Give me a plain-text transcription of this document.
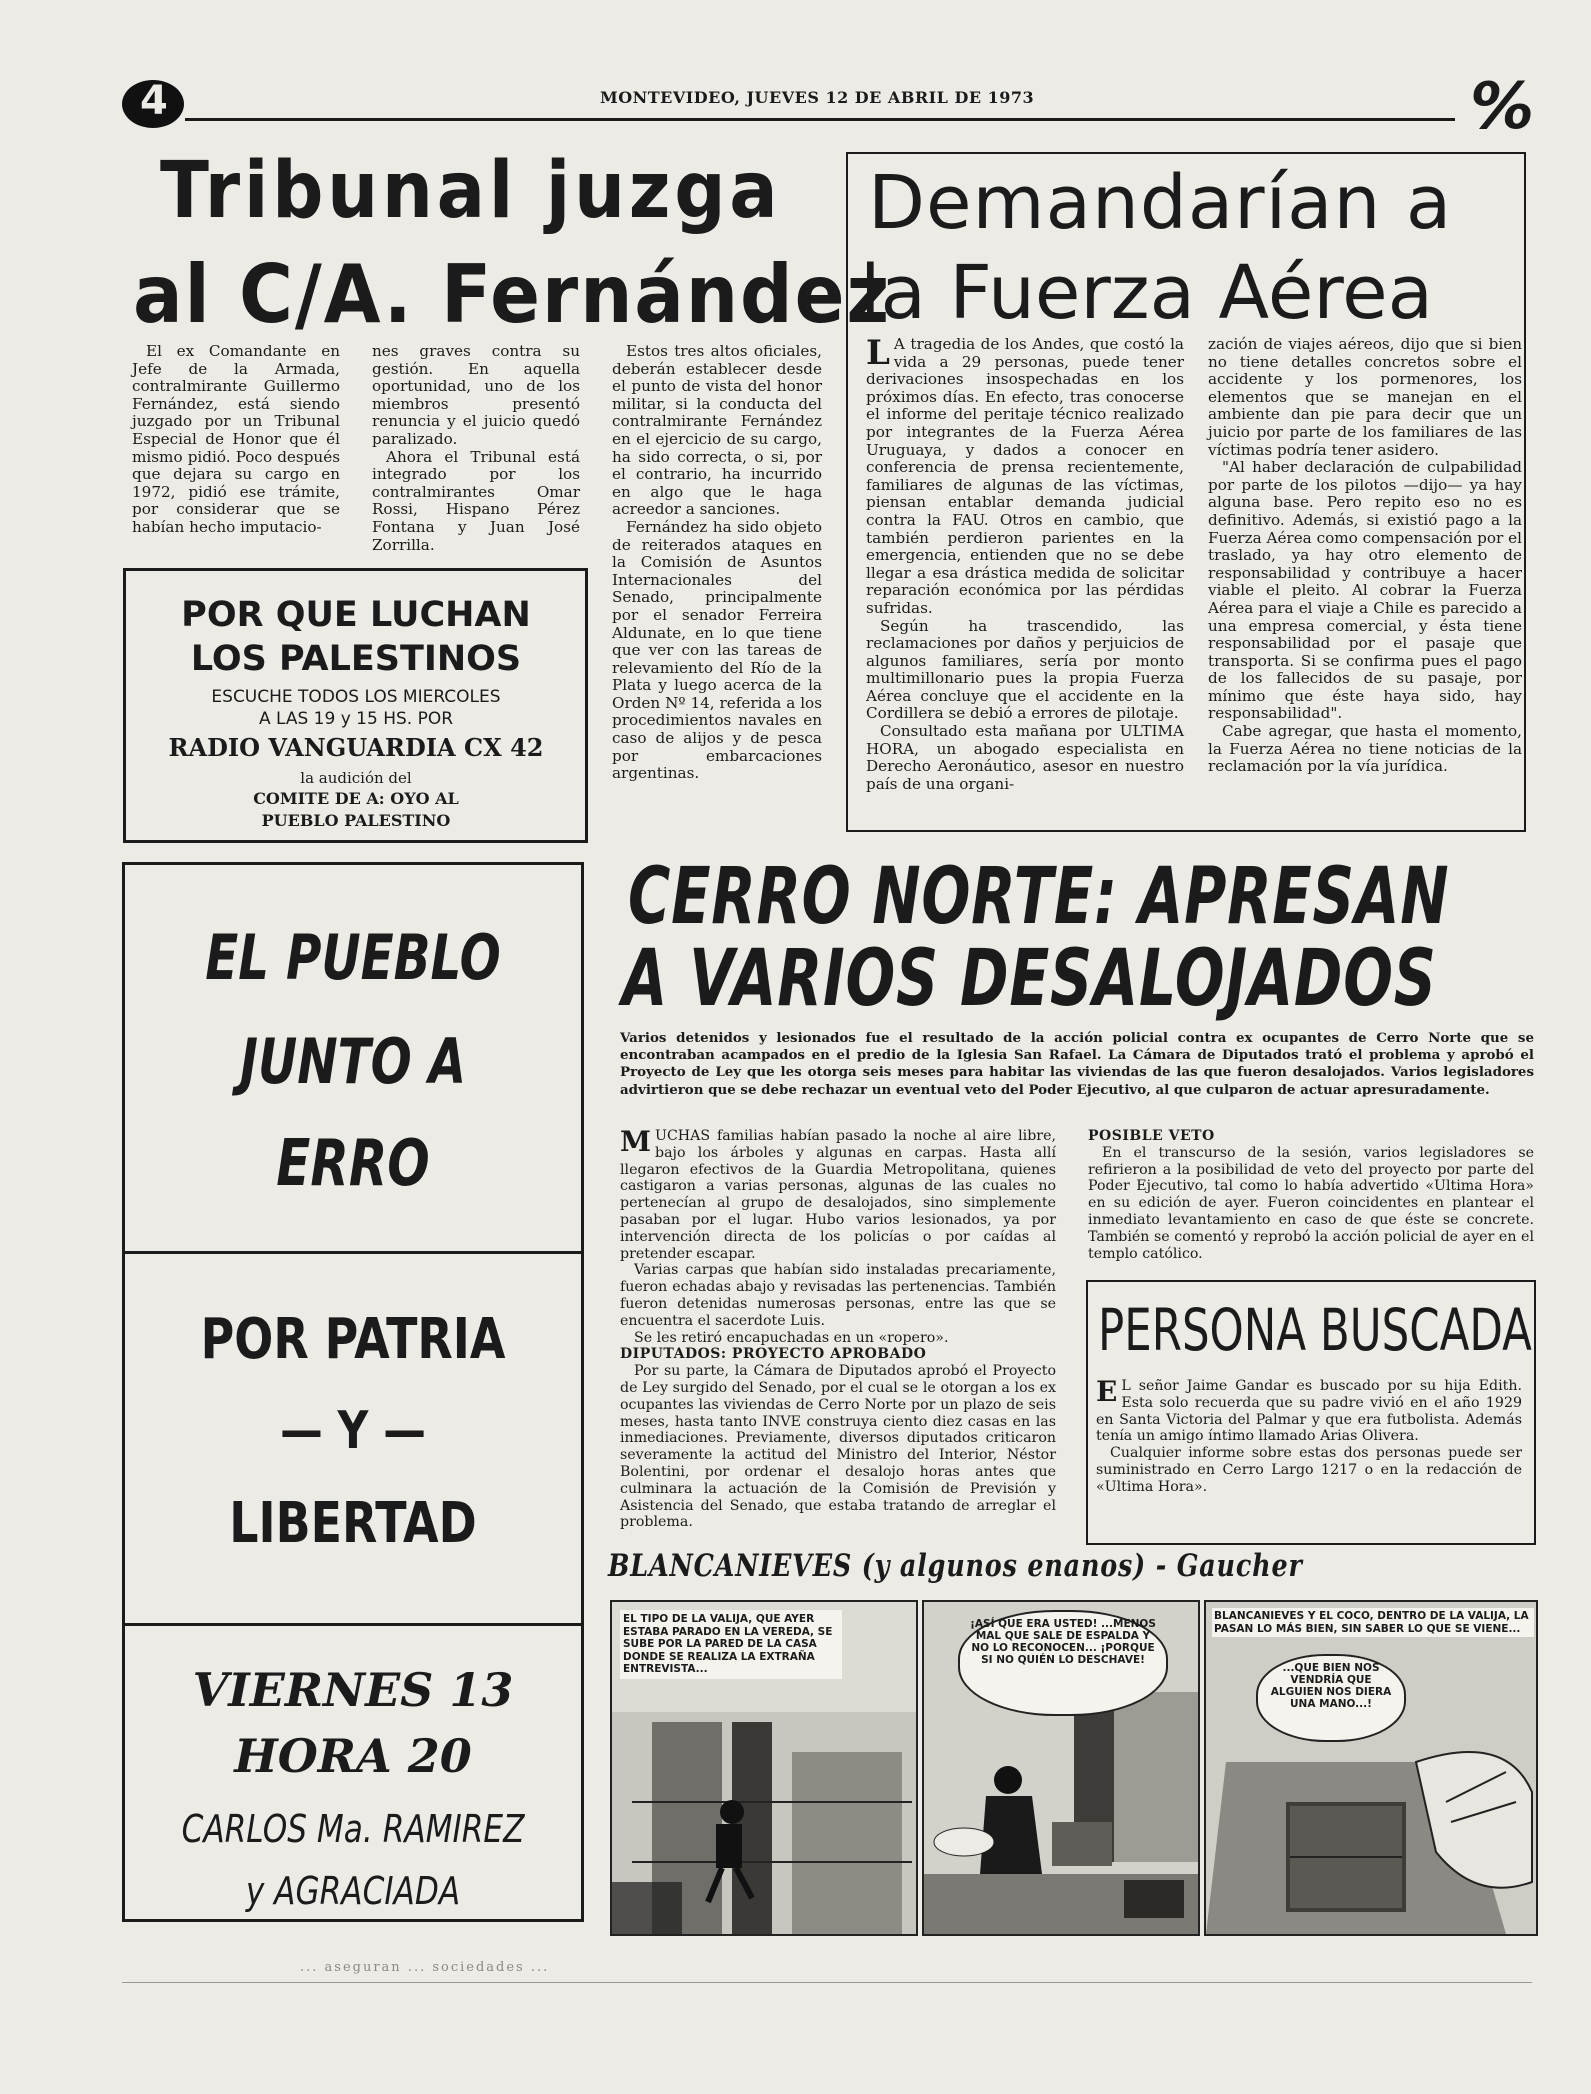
4	MONTEVIDEO, JUEVES 12 DE ABRIL DE 1973	%
Tribunal juzga
al C/A. Fernández

El ex Comandante en Jefe de la Armada, contralmirante Guillermo Fernández, está siendo juzgado por un Tribunal Especial de Honor que él mismo pidió. Poco después que dejara su cargo en 1972, pidió ese trámite, por considerar que se habían hecho imputacio-

nes graves contra su gestión. En aquella oportunidad, uno de los miembros presentó renuncia y el juicio quedó paralizado.

Ahora el Tribunal está integrado por los contralmirantes Omar Rossi, Hispano Pérez Fontana y Juan José Zorrilla.

Estos tres altos oficiales, deberán establecer desde el punto de vista del honor militar, si la conducta del contralmirante Fernández en el ejercicio de su cargo, ha sido correcta, o si, por el contrario, ha incurrido en algo que le haga acreedor a sanciones.

Fernández ha sido objeto de reiterados ataques en la Comisión de Asuntos Internacionales del Senado, principalmente por el senador Ferreira Aldunate, en lo que tiene que ver con las tareas de relevamiento del Río de la Plata y luego acerca de la Orden Nº 14, referida a los procedimientos navales en caso de alijos y de pesca por embarcaciones argentinas.

POR QUE LUCHAN
LOS PALESTINOS
ESCUCHE TODOS LOS MIERCOLES
A LAS 19 y 15 HS. POR
RADIO VANGUARDIA CX 42
la audición del
COMITE DE A: OYO AL
PUEBLO PALESTINO
Demandarían a
la Fuerza Aérea

L A tragedia de los Andes, que costó la vida a 29 personas, puede tener derivaciones insospechadas en los próximos días. En efecto, tras conocerse el informe del peritaje técnico realizado por integrantes de la Fuerza Aérea Uruguaya, y dados a conocer en conferencia de prensa recientemente, familiares de algunas de las víctimas, piensan entablar demanda judicial contra la FAU. Otros en cambio, que también perdieron parientes en la emergencia, entienden que no se debe llegar a esa drástica medida de solicitar reparación económica por las pérdidas sufridas.

Según ha trascendido, las reclamaciones por daños y perjuicios de algunos familiares, sería por monto multimillonario pues la propia Fuerza Aérea concluye que el accidente en la Cordillera se debió a errores de pilotaje.

Consultado esta mañana por ULTIMA HORA, un abogado especialista en Derecho Aeronáutico, asesor en nuestro país de una organi-

zación de viajes aéreos, dijo que si bien no tiene detalles concretos sobre el accidente y los pormenores, los elementos que se manejan en el ambiente dan pie para decir que un juicio por parte de los familiares de las víctimas podría tener asidero.

"Al haber declaración de culpabilidad por parte de los pilotos —dijo— ya hay alguna base. Pero repito eso no es definitivo. Además, si existió pago a la Fuerza Aérea como compensación por el traslado, ya hay otro elemento de responsabilidad y contribuye a hacer viable el pleito. Al cobrar la Fuerza Aérea para el viaje a Chile es parecido a una empresa comercial, y ésta tiene responsabilidad por el pasaje que transporta. Si se confirma pues el pago de los fallecidos de su pasaje, por mínimo que éste haya sido, hay responsabilidad".

Cabe agregar, que hasta el momento, la Fuerza Aérea no tiene noticias de la reclamación por la vía jurídica.

EL PUEBLO
JUNTO A
ERRO
POR PATRIA
— Y —
LIBERTAD
VIERNES 13
HORA 20
CARLOS Ma. RAMIREZ
y AGRACIADA
CERRO NORTE: APRESAN
A VARIOS DESALOJADOS
Varios detenidos y lesionados fue el resultado de la acción policial contra ex ocupantes de Cerro Norte que se encontraban acampados en el predio de la Iglesia San Rafael. La Cámara de Diputados trató el problema y aprobó el Proyecto de Ley que les otorga seis meses para habitar las viviendas de las que fueron desalojados. Varios legisladores advirtieron que se debe rechazar un eventual veto del Poder Ejecutivo, al que culparon de actuar apresuradamente.

MUCHAS familias habían pasado la noche al aire libre, bajo los árboles y algunas en carpas. Hasta allí llegaron efectivos de la Guardia Metropolitana, quienes castigaron a varias personas, algunas de las cuales no pertenecían al grupo de desalojados, sino simplemente pasaban por el lugar. Hubo varios lesionados, ya por intervención directa de los policías o por caídas al pretender escapar.

Varias carpas que habían sido instaladas precariamente, fueron echadas abajo y revisadas las pertenencias. También fueron detenidas numerosas personas, entre las que se encuentra el sacerdote Luis.

Se les retiró encapuchadas en un «ropero».

DIPUTADOS: PROYECTO APROBADO

Por su parte, la Cámara de Diputados aprobó el Proyecto de Ley surgido del Senado, por el cual se le otorgan a los ex ocupantes las viviendas de Cerro Norte por un plazo de seis meses, hasta tanto INVE construya ciento diez casas en las inmediaciones. Previamente, diversos diputados criticaron severamente la actitud del Ministro del Interior, Néstor Bolentini, por ordenar el desalojo horas antes que culminara la actuación de la Comisión de Previsión y Asistencia del Senado, que estaba tratando de arreglar el problema.

POSIBLE VETO

En el transcurso de la sesión, varios legisladores se refirieron a la posibilidad de veto del proyecto por parte del Poder Ejecutivo, tal como lo había advertido «Ultima Hora» en su edición de ayer. Fueron coincidentes en plantear el inmediato levantamiento en caso de que éste se concrete. También se comentó y reprobó la acción policial de ayer en el templo católico.

PERSONA BUSCADA

E L señor Jaime Gandar es buscado por su hija Edith. Esta solo recuerda que su padre vivió en el año 1929 en Santa Victoria del Palmar y que era futbolista. Además tenía un amigo íntimo llamado Arias Olivera.

Cualquier informe sobre estas dos personas puede ser suministrado en Cerro Largo 1217 o en la redacción de «Ultima Hora».

BLANCANIEVES (y algunos enanos) - Gaucher
EL TIPO DE LA VALIJA, QUE AYER ESTABA PARADO EN LA VEREDA, SE SUBE POR LA PARED DE LA CASA DONDE SE REALIZA LA EXTRAÑA ENTREVISTA...
¡ASÍ QUE ERA USTED! ...MENOS MAL QUE SALE DE ESPALDA Y NO LO RECONOCEN... ¡PORQUE SI NO QUIÉN LO DESCHAVE!
BLANCANIEVES Y EL COCO, DENTRO DE LA VALIJA, LA PASAN LO MÁS BIEN, SIN SABER LO QUE SE VIENE...
...QUE BIEN NOS VENDRÍA QUE ALGUIEN NOS DIERA UNA MANO...!
... aseguran ... sociedades ...
